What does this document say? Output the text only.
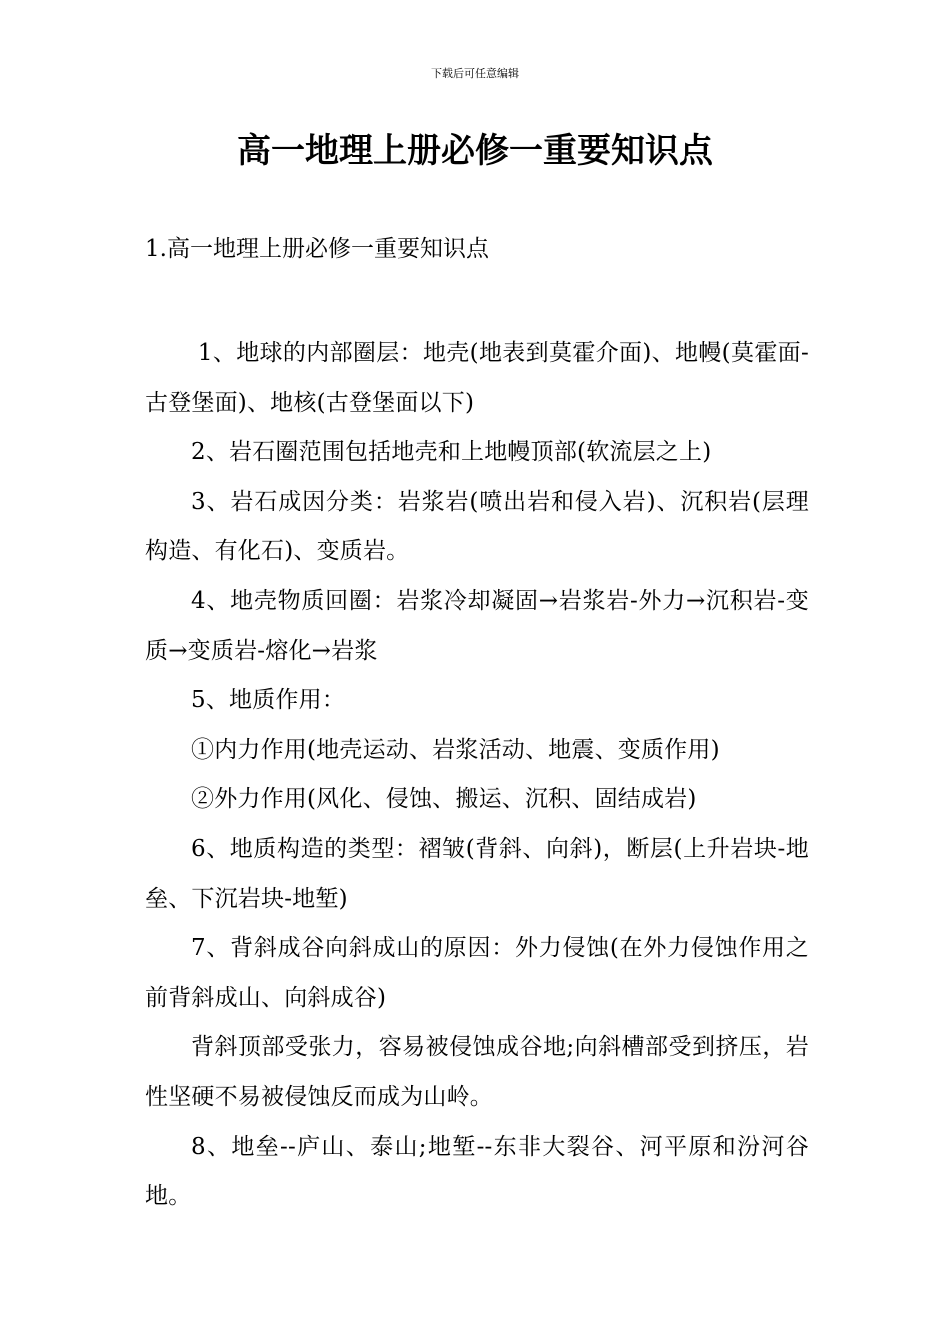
下载后可任意编辑
高一地理上册必修一重要知识点
1.高一地理上册必修一重要知识点

1、地球的内部圈层：地壳(地表到莫霍介面)、地幔(莫霍面-古登堡面)、地核(古登堡面以下)

2、岩石圈范围包括地壳和上地幔顶部(软流层之上)

3、岩石成因分类：岩浆岩(喷出岩和侵入岩)、沉积岩(层理构造、有化石)、变质岩。

4、地壳物质回圈：岩浆冷却凝固→岩浆岩-外力→沉积岩-变质→变质岩-熔化→岩浆

5、地质作用：

①内力作用(地壳运动、岩浆活动、地震、变质作用)

②外力作用(风化、侵蚀、搬运、沉积、固结成岩)

6、地质构造的类型：褶皱(背斜、向斜)，断层(上升岩块-地垒、下沉岩块-地堑)

7、背斜成谷向斜成山的原因：外力侵蚀(在外力侵蚀作用之前背斜成山、向斜成谷)

背斜顶部受张力，容易被侵蚀成谷地;向斜槽部受到挤压，岩性坚硬不易被侵蚀反而成为山岭。

8、地垒--庐山、泰山;地堑--东非大裂谷、河平原和汾河谷地。
